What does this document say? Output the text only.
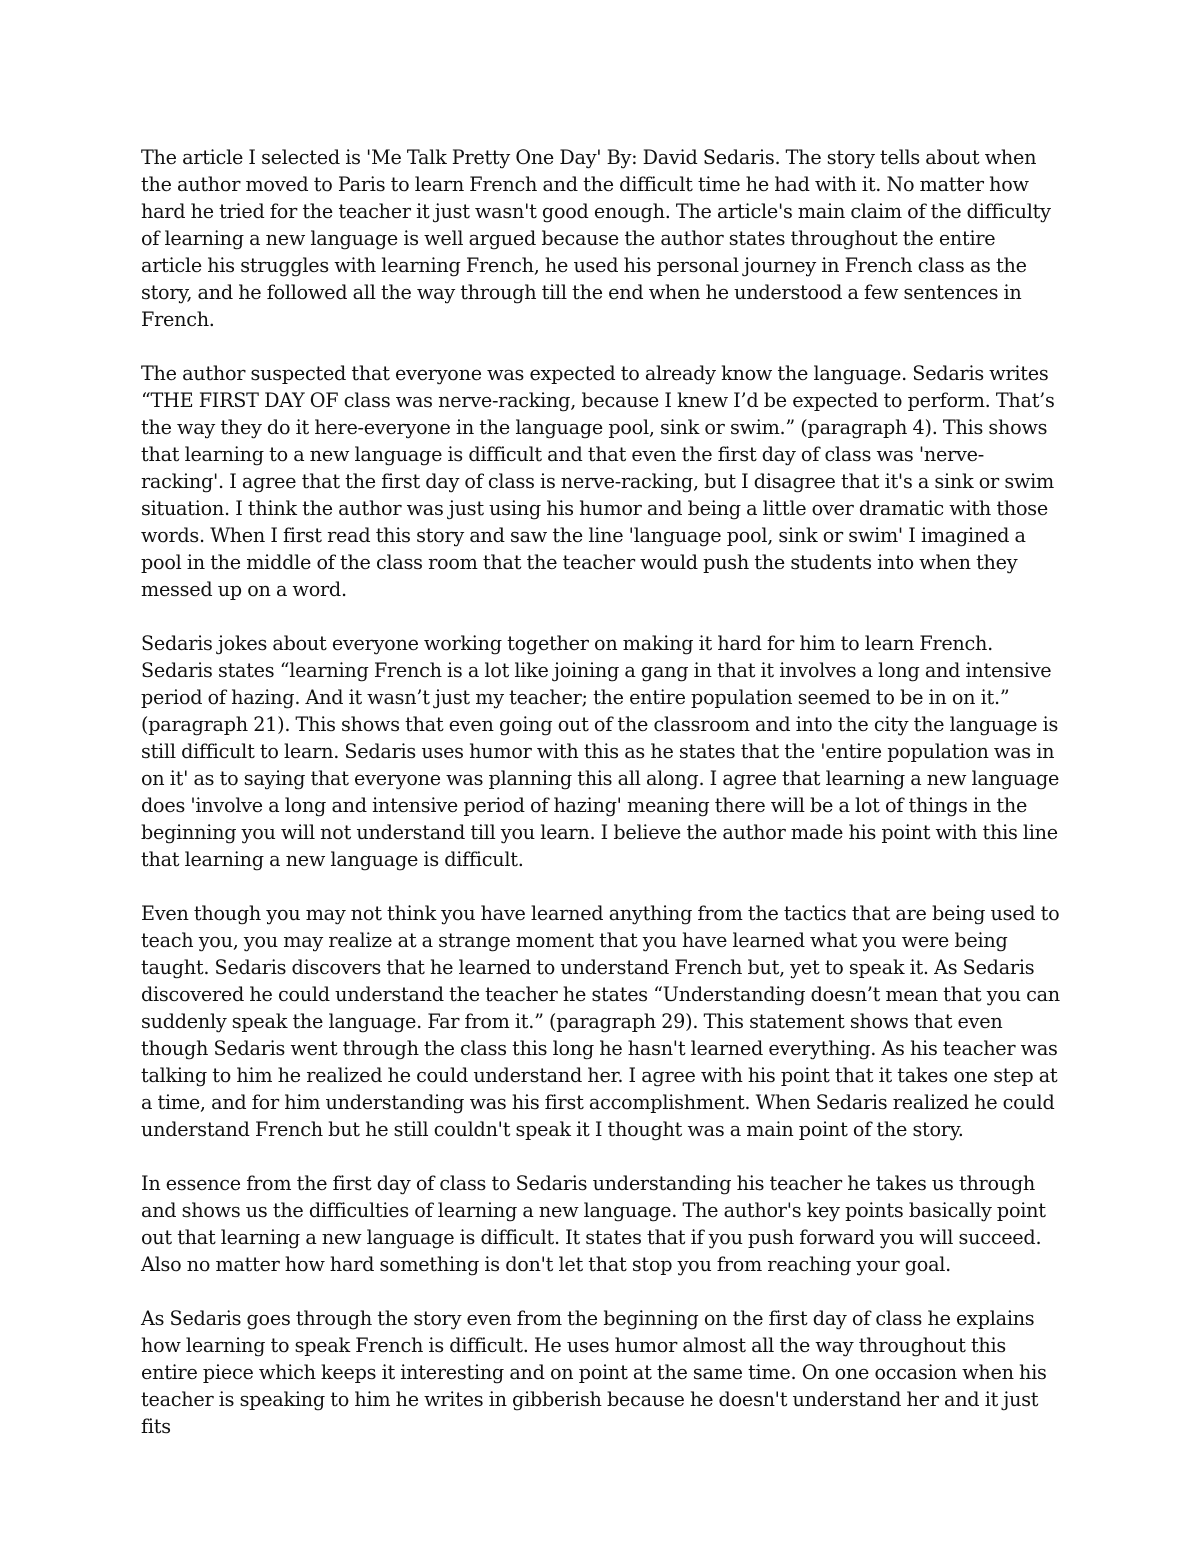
The article I selected is 'Me Talk Pretty One Day' By: David Sedaris. The story tells about when the author moved to Paris to learn French and the difficult time he had with it. No matter how hard he tried for the teacher it just wasn't good enough. The article's main claim of the difficulty of learning a new language is well argued because the author states throughout the entire article his struggles with learning French, he used his personal journey in French class as the story, and he followed all the way through till the end when he understood a few sentences in French.

The author suspected that everyone was expected to already know the language. Sedaris writes “THE FIRST DAY OF class was nerve-racking, because I knew I’d be expected to perform. That’s the way they do it here-everyone in the language pool, sink or swim.” (paragraph 4). This shows that learning to a new language is difficult and that even the first day of class was 'nerve-racking'. I agree that the first day of class is nerve-racking, but I disagree that it's a sink or swim situation. I think the author was just using his humor and being a little over dramatic with those words. When I first read this story and saw the line 'language pool, sink or swim' I imagined a pool in the middle of the class room that the teacher would push the students into when they messed up on a word.

Sedaris jokes about everyone working together on making it hard for him to learn French. Sedaris states “learning French is a lot like joining a gang in that it involves a long and intensive period of hazing. And it wasn’t just my teacher; the entire population seemed to be in on it.” (paragraph 21). This shows that even going out of the classroom and into the city the language is still difficult to learn. Sedaris uses humor with this as he states that the 'entire population was in on it' as to saying that everyone was planning this all along. I agree that learning a new language does 'involve a long and intensive period of hazing' meaning there will be a lot of things in the beginning you will not understand till you learn. I believe the author made his point with this line that learning a new language is difficult.

Even though you may not think you have learned anything from the tactics that are being used to teach you, you may realize at a strange moment that you have learned what you were being taught. Sedaris discovers that he learned to understand French but, yet to speak it. As Sedaris discovered he could understand the teacher he states “Understanding doesn’t mean that you can suddenly speak the language. Far from it.” (paragraph 29). This statement shows that even though Sedaris went through the class this long he hasn't learned everything. As his teacher was talking to him he realized he could understand her. I agree with his point that it takes one step at a time, and for him understanding was his first accomplishment. When Sedaris realized he could understand French but he still couldn't speak it I thought was a main point of the story.

In essence from the first day of class to Sedaris understanding his teacher he takes us through and shows us the difficulties of learning a new language. The author's key points basically point out that learning a new language is difficult. It states that if you push forward you will succeed. Also no matter how hard something is don't let that stop you from reaching your goal.

As Sedaris goes through the story even from the beginning on the first day of class he explains how learning to speak French is difficult. He uses humor almost all the way throughout this entire piece which keeps it interesting and on point at the same time. On one occasion when his teacher is speaking to him he writes in gibberish because he doesn't understand her and it just fits
